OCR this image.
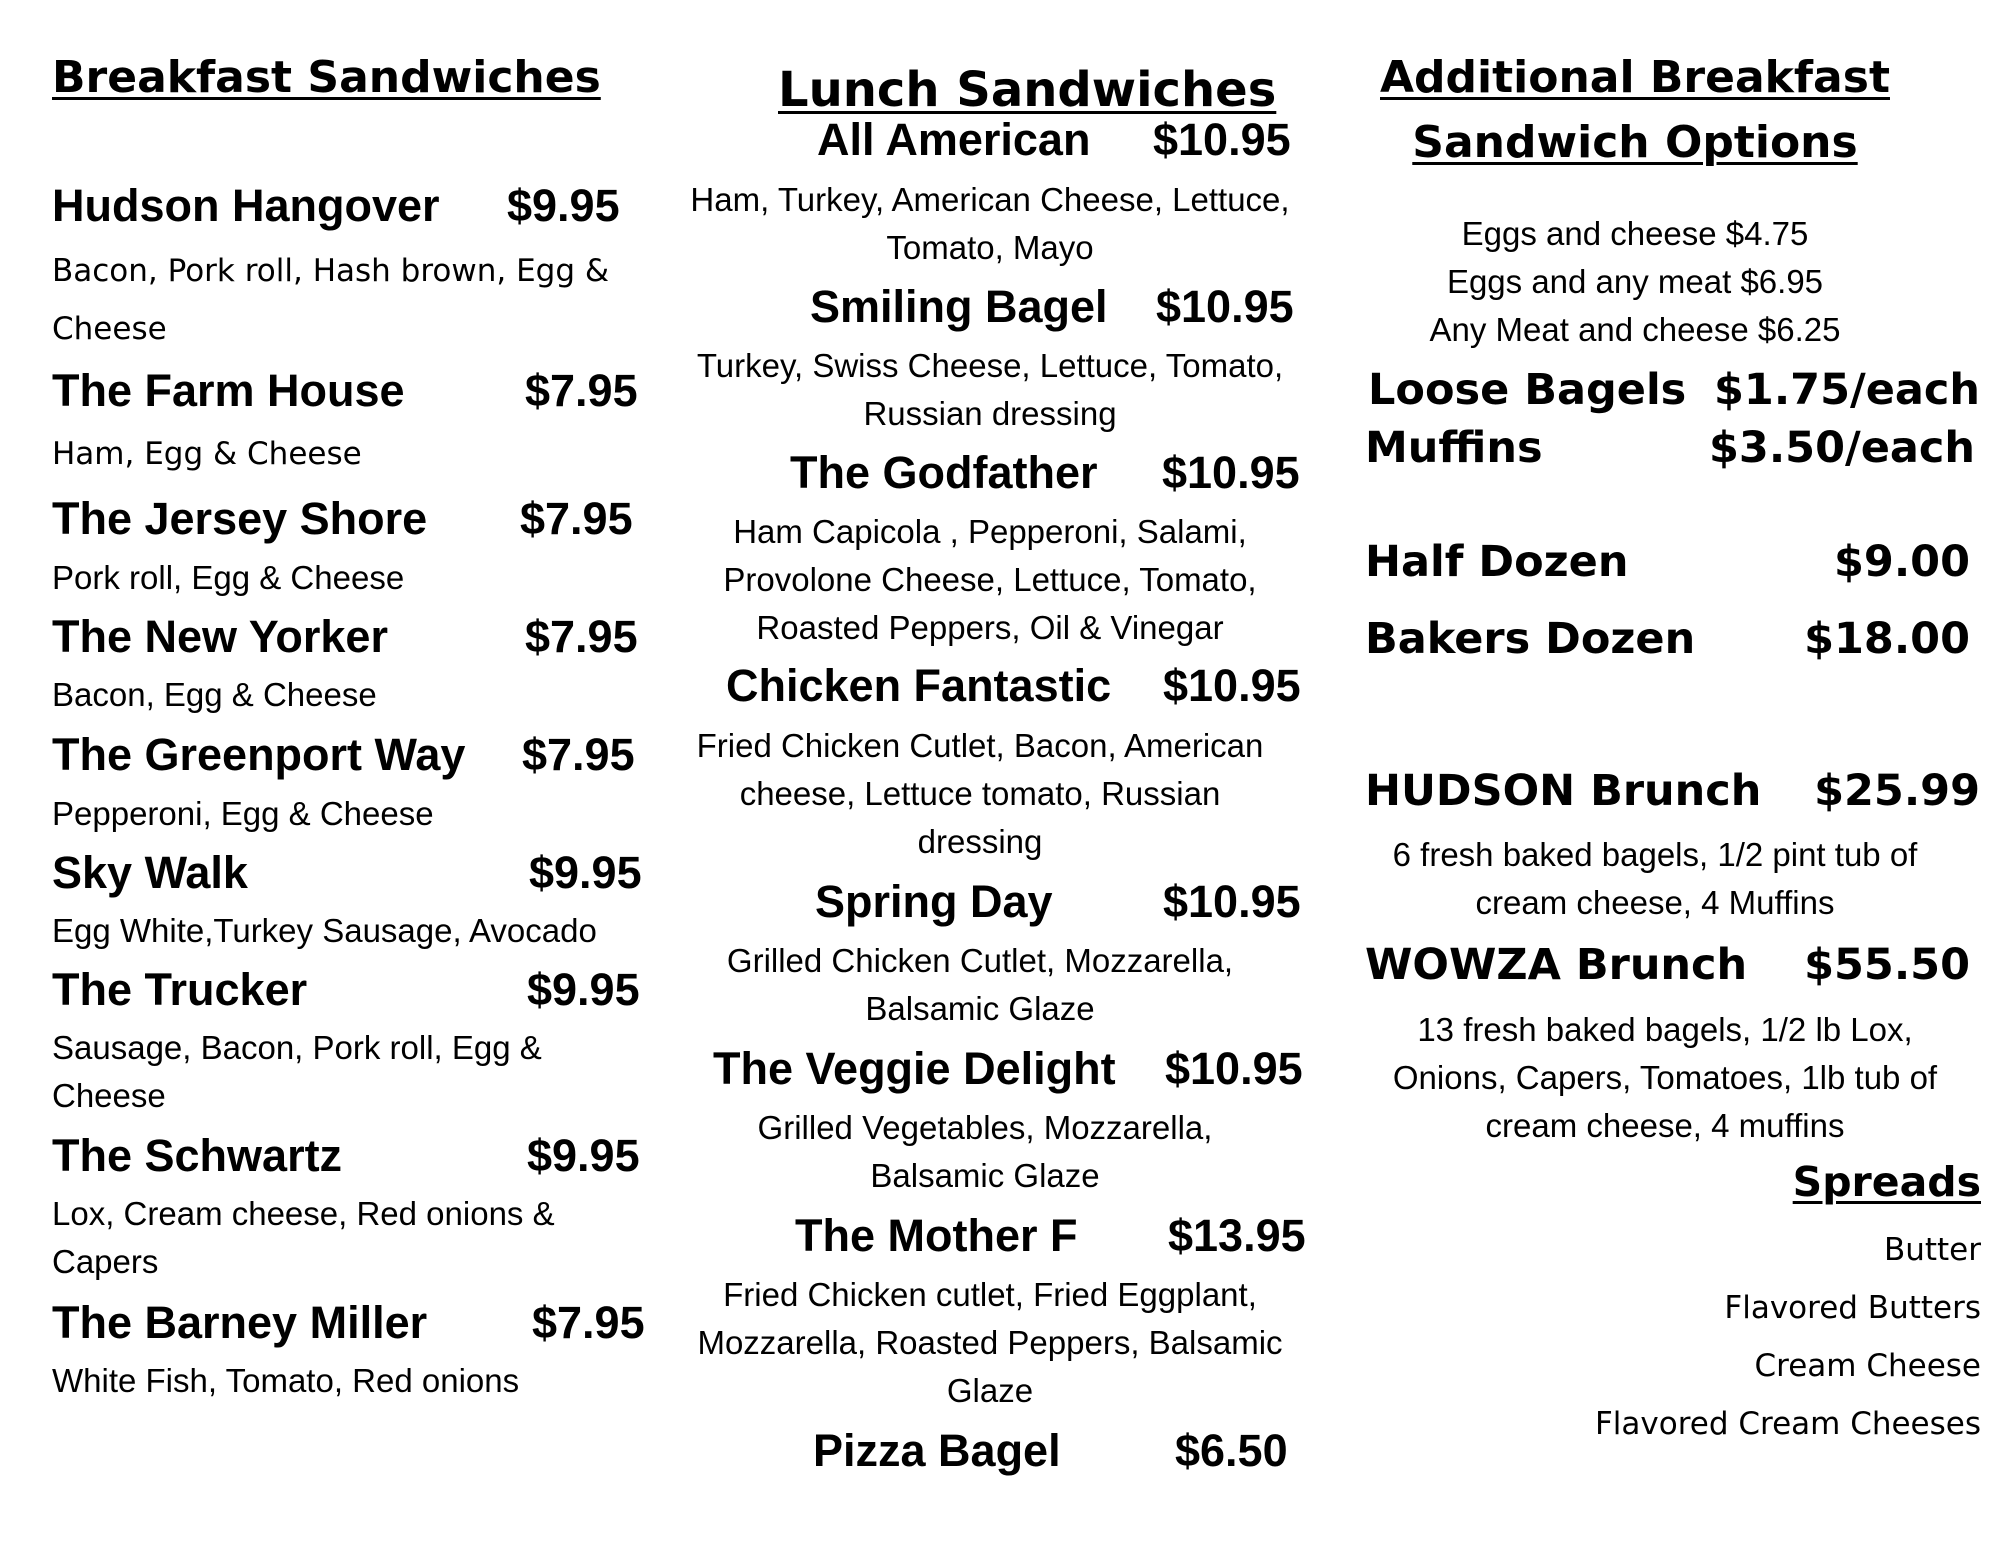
Breakfast Sandwiches
Hudson Hangover $9.95
Bacon, Pork roll, Hash brown, Egg & Cheese
The Farm House	$7.95
Ham, Egg & Cheese
The Jersey Shore $7.95
Pork roll, Egg & Cheese
The New Yorker	$7.95
Bacon, Egg & Cheese
The Greenport Way $7.95
Pepperoni, Egg & Cheese
Sky Walk	$9.95
Egg White,Turkey Sausage, Avocado
The Trucker	$9.95
Sausage, Bacon, Pork roll, Egg & Cheese
The Schwartz	$9.95
Lox, Cream cheese, Red onions & Capers
The Barney Miller $7.95
White Fish, Tomato, Red onions
Lunch Sandwiches
All American $10.95
Ham, Turkey, American Cheese, Lettuce, Tomato, Mayo
Smiling Bagel $10.95
Turkey, Swiss Cheese, Lettuce, Tomato, Russian dressing
The Godfather $10.95
Ham Capicola , Pepperoni, Salami, Provolone Cheese, Lettuce, Tomato, Roasted Peppers, Oil & Vinegar
Chicken Fantastic $10.95
Fried Chicken Cutlet, Bacon, American cheese, Lettuce tomato, Russian dressing
Spring Day $10.95
Grilled Chicken Cutlet, Mozzarella, Balsamic Glaze
The Veggie Delight $10.95
Grilled Vegetables, Mozzarella, Balsamic Glaze
The Mother F $13.95
Fried Chicken cutlet, Fried Eggplant, Mozzarella, Roasted Peppers, Balsamic Glaze
Pizza Bagel	$6.50
Additional Breakfast
Sandwich Options
Eggs and cheese $4.75
Eggs and any meat $6.95
Any Meat and cheese $6.25
Loose Bagels $1.75/each
Muffins	$3.50/each
Half Dozen	$9.00
Bakers Dozen	$18.00
HUDSON Brunch $25.99
6 fresh baked bagels, 1/2 pint tub of cream cheese, 4 Muffins
WOWZA Brunch $55.50
13 fresh baked bagels, 1/2 lb Lox, Onions, Capers, Tomatoes, 1lb tub of cream cheese, 4 muffins
Spreads
Butter
Flavored Butters
Cream Cheese
Flavored Cream Cheeses
